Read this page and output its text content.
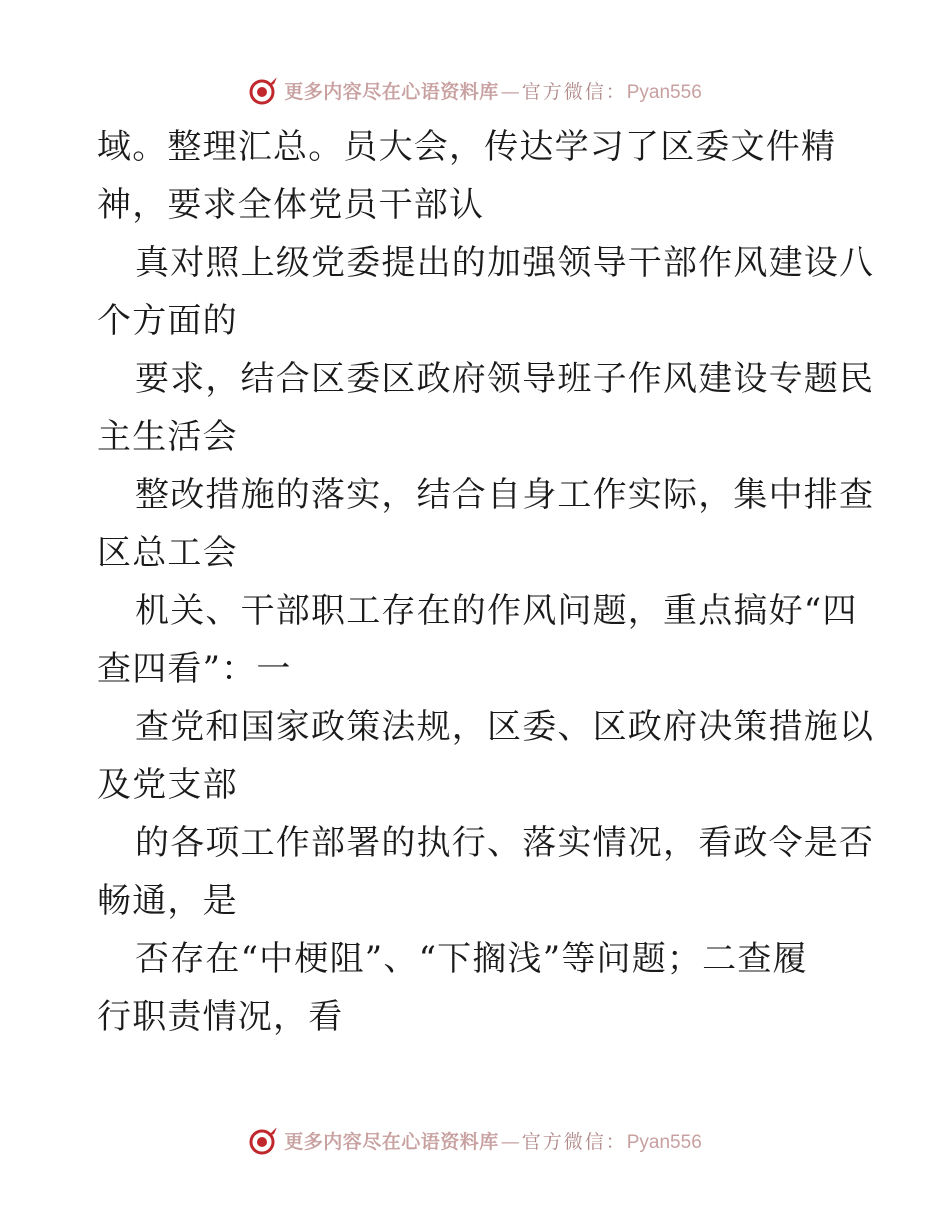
更多内容尽在心语资料库 — 官方微信： Pyan556
域。整理汇总。员大会，传达学习了区委文件精
神，要求全体党员干部认
真对照上级党委提出的加强领导干部作风建设八
个方面的
要求，结合区委区政府领导班子作风建设专题民
主生活会
整改措施的落实，结合自身工作实际，集中排查
区总工会
机关、干部职工存在的作风问题，重点搞好“四
查四看”：一
查党和国家政策法规，区委、区政府决策措施以
及党支部
的各项工作部署的执行、落实情况，看政令是否
畅通，是
否存在“中梗阻”、“下搁浅”等问题；二查履
行职责情况，看
更多内容尽在心语资料库 — 官方微信： Pyan556
